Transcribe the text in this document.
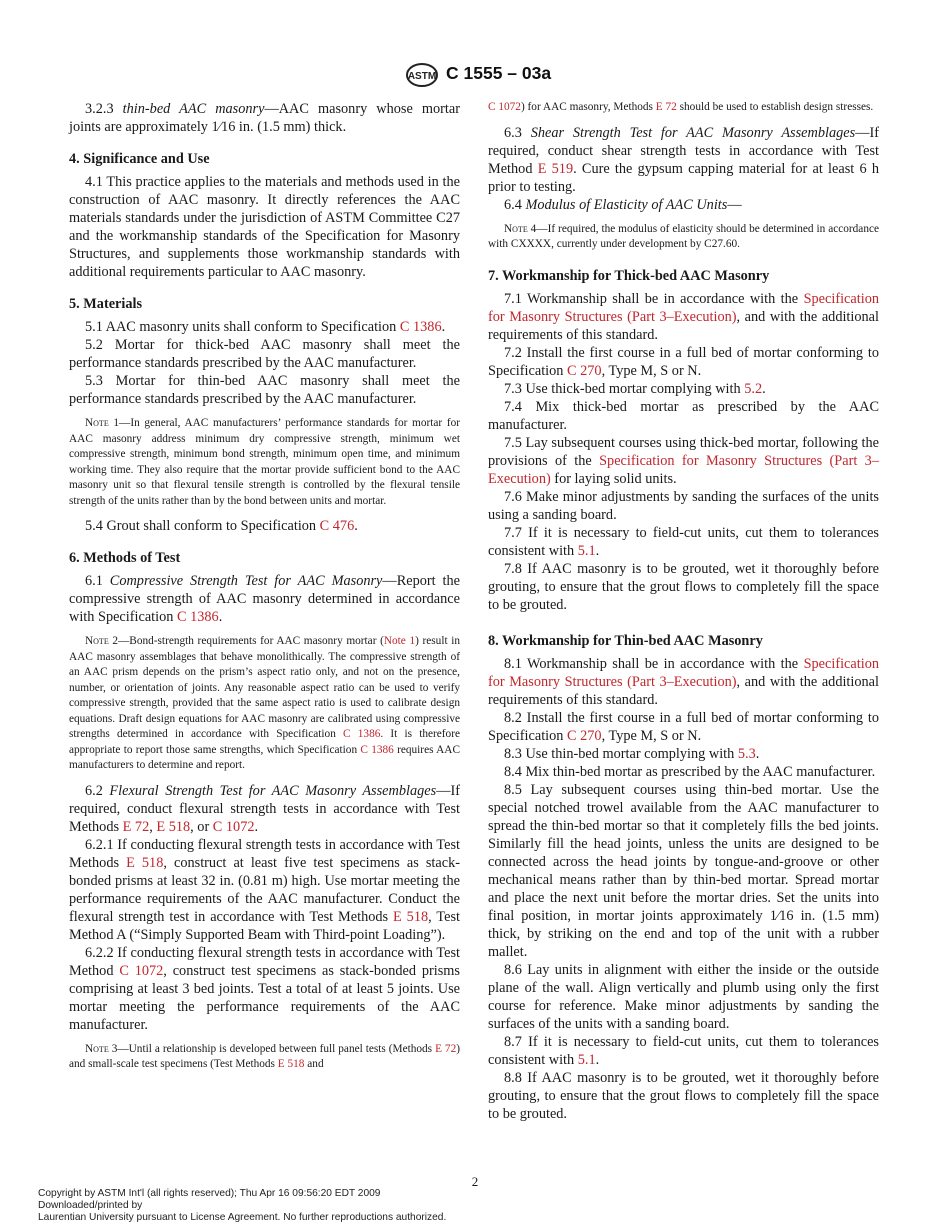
ASTM C 1555 – 03a

3.2.3 thin-bed AAC masonry—AAC masonry whose mortar joints are approximately 1⁄16 in. (1.5 mm) thick.

4. Significance and Use

4.1 This practice applies to the materials and methods used in the construction of AAC masonry. It directly references the AAC materials standards under the jurisdiction of ASTM Committee C27 and the workmanship standards of the Specification for Masonry Structures, and supplements those workmanship standards with additional requirements particular to AAC masonry.

5. Materials

5.1 AAC masonry units shall conform to Specification C 1386.

5.2 Mortar for thick-bed AAC masonry shall meet the performance standards prescribed by the AAC manufacturer.

5.3 Mortar for thin-bed AAC masonry shall meet the performance standards prescribed by the AAC manufacturer.

Note 1—In general, AAC manufacturers’ performance standards for mortar for AAC masonry address minimum dry compressive strength, minimum wet compressive strength, minimum bond strength, minimum open time, and minimum working time. They also require that the mortar provide sufficient bond to the AAC masonry unit so that flexural tensile strength is controlled by the flexural tensile strength of the units rather than by the bond between units and mortar.

5.4 Grout shall conform to Specification C 476.

6. Methods of Test

6.1 Compressive Strength Test for AAC Masonry—Report the compressive strength of AAC masonry determined in accordance with Specification C 1386.

Note 2—Bond-strength requirements for AAC masonry mortar (Note 1) result in AAC masonry assemblages that behave monolithically. The compressive strength of an AAC prism depends on the prism’s aspect ratio only, and not on the presence, number, or orientation of joints. Any reasonable aspect ratio can be used to verify compressive strength, provided that the same aspect ratio is used to calibrate design equations. Draft design equations for AAC masonry are calibrated using compressive strengths determined in accordance with Specification C 1386. It is therefore appropriate to report those same strengths, which Specification C 1386 requires AAC manufacturers to determine and report.

6.2 Flexural Strength Test for AAC Masonry Assemblages—If required, conduct flexural strength tests in accordance with Test Methods E 72, E 518, or C 1072.

6.2.1 If conducting flexural strength tests in accordance with Test Methods E 518, construct at least five test specimens as stack-bonded prisms at least 32 in. (0.81 m) high. Use mortar meeting the performance requirements of the AAC manufacturer. Conduct the flexural strength test in accordance with Test Methods E 518, Test Method A (“Simply Supported Beam with Third-point Loading”).

6.2.2 If conducting flexural strength tests in accordance with Test Method C 1072, construct test specimens as stack-bonded prisms comprising at least 3 bed joints. Test a total of at least 5 joints. Use mortar meeting the performance requirements of the AAC manufacturer.

Note 3—Until a relationship is developed between full panel tests (Methods E 72) and small-scale test specimens (Test Methods E 518 and

C 1072) for AAC masonry, Methods E 72 should be used to establish design stresses.

6.3 Shear Strength Test for AAC Masonry Assemblages—If required, conduct shear strength tests in accordance with Test Method E 519. Cure the gypsum capping material for at least 6 h prior to testing.

6.4 Modulus of Elasticity of AAC Units—

Note 4—If required, the modulus of elasticity should be determined in accordance with CXXXX, currently under development by C27.60.

7. Workmanship for Thick-bed AAC Masonry

7.1 Workmanship shall be in accordance with the Specification for Masonry Structures (Part 3–Execution), and with the additional requirements of this standard.

7.2 Install the first course in a full bed of mortar conforming to Specification C 270, Type M, S or N.

7.3 Use thick-bed mortar complying with 5.2.

7.4 Mix thick-bed mortar as prescribed by the AAC manufacturer.

7.5 Lay subsequent courses using thick-bed mortar, following the provisions of the Specification for Masonry Structures (Part 3–Execution) for laying solid units.

7.6 Make minor adjustments by sanding the surfaces of the units using a sanding board.

7.7 If it is necessary to field-cut units, cut them to tolerances consistent with 5.1.

7.8 If AAC masonry is to be grouted, wet it thoroughly before grouting, to ensure that the grout flows to completely fill the space to be grouted.

8. Workmanship for Thin-bed AAC Masonry

8.1 Workmanship shall be in accordance with the Specification for Masonry Structures (Part 3–Execution), and with the additional requirements of this standard.

8.2 Install the first course in a full bed of mortar conforming to Specification C 270, Type M, S or N.

8.3 Use thin-bed mortar complying with 5.3.

8.4 Mix thin-bed mortar as prescribed by the AAC manufacturer.

8.5 Lay subsequent courses using thin-bed mortar. Use the special notched trowel available from the AAC manufacturer to spread the thin-bed mortar so that it completely fills the bed joints. Similarly fill the head joints, unless the units are designed to be connected across the head joints by tongue-and-groove or other mechanical means rather than by thin-bed mortar. Spread mortar and place the next unit before the mortar dries. Set the units into final position, in mortar joints approximately 1⁄16 in. (1.5 mm) thick, by striking on the end and top of the unit with a rubber mallet.

8.6 Lay units in alignment with either the inside or the outside plane of the wall. Align vertically and plumb using only the first course for reference. Make minor adjustments by sanding the surfaces of the units with a sanding board.

8.7 If it is necessary to field-cut units, cut them to tolerances consistent with 5.1.

8.8 If AAC masonry is to be grouted, wet it thoroughly before grouting, to ensure that the grout flows to completely fill the space to be grouted.

2
Copyright by ASTM Int'l (all rights reserved); Thu Apr 16 09:56:20 EDT 2009
Downloaded/printed by
Laurentian University pursuant to License Agreement. No further reproductions authorized.
